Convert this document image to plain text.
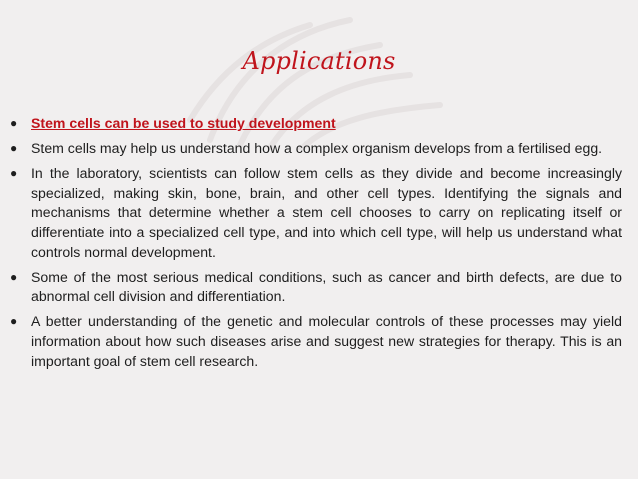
Applications
● Stem cells can be used to study development
● Stem cells may help us understand how a complex organism develops from a fertilised egg.
● In the laboratory, scientists can follow stem cells as they divide and become increasingly specialized, making skin, bone, brain, and other cell types. Identifying the signals and mechanisms that determine whether a stem cell chooses to carry on replicating itself or differentiate into a specialized cell type, and into which cell type, will help us understand what controls normal development.
● Some of the most serious medical conditions, such as cancer and birth defects, are due to abnormal cell division and differentiation.
● A better understanding of the genetic and molecular controls of these processes may yield information about how such diseases arise and suggest new strategies for therapy. This is an important goal of stem cell research.
